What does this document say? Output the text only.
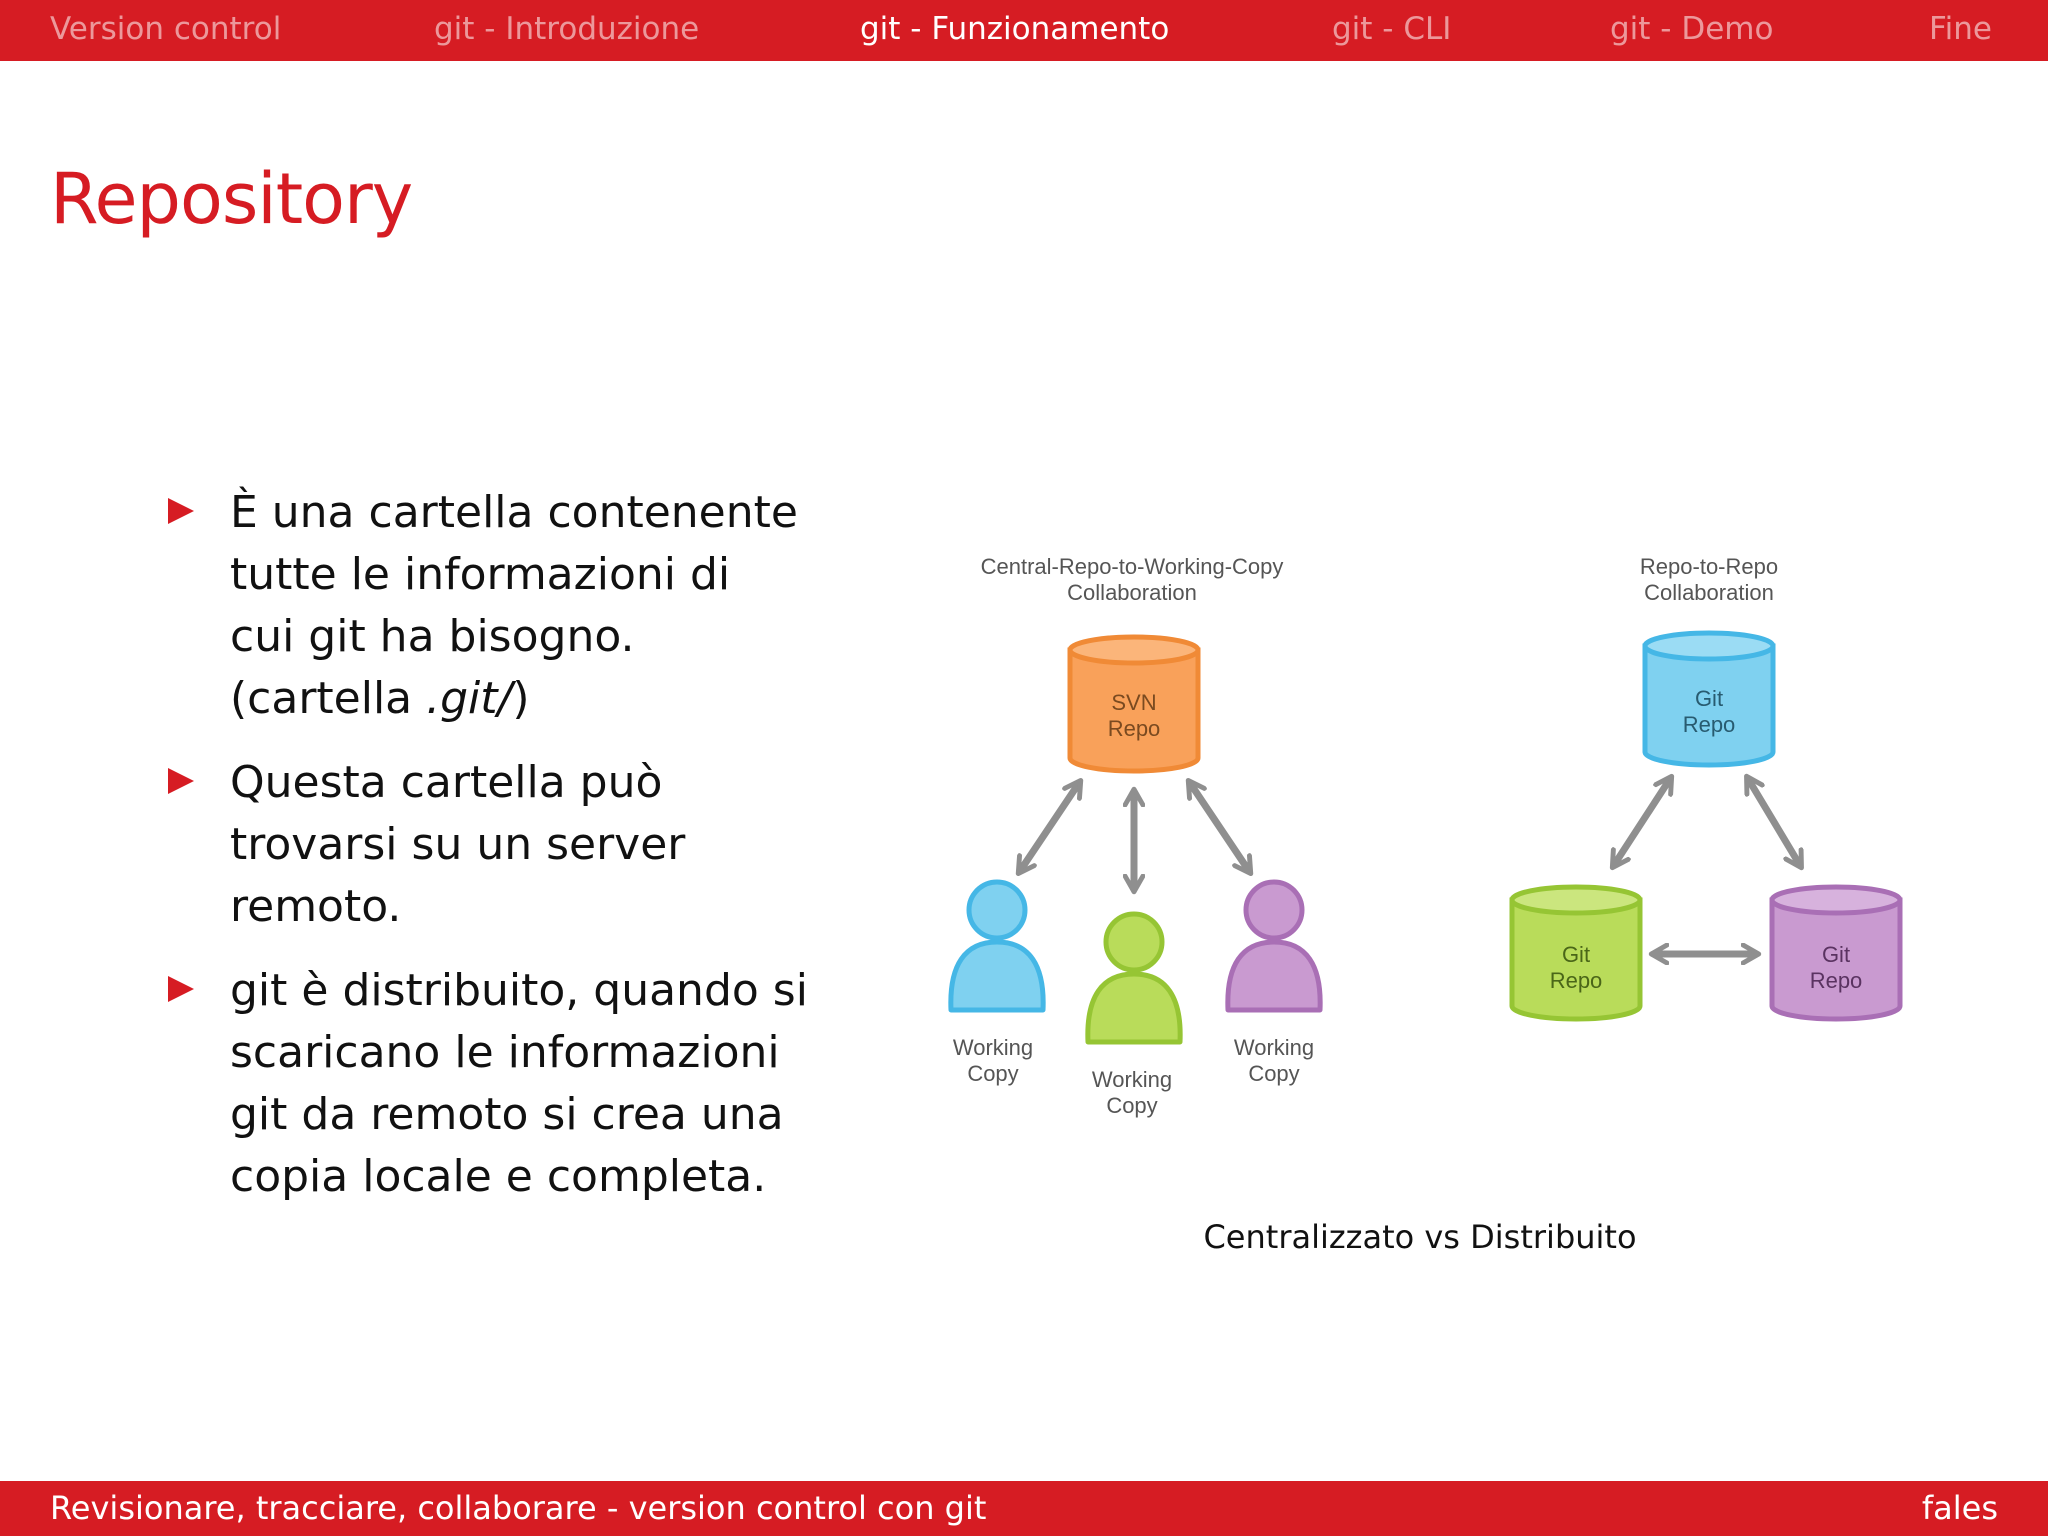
Version control	git - Introduzione	git - Funzionamento	git - CLI	git - Demo	Fine
Repository
È una cartella contenente
tutte le informazioni di
cui git ha bisogno.
(cartella .git/)
Questa cartella può
trovarsi su un server
remoto.
git è distribuito, quando si
scaricano le informazioni
git da remoto si crea una
copia locale e completa.
Central-Repo-to-Working-Copy
Collaboration
SVN
Repo
Working
Copy	Working
Copy
Working
Copy
Repo-to-Repo
Collaboration
Git
Repo
Git
Repo
Git
Repo
Centralizzato vs Distribuito
Revisionare, tracciare, collaborare - version control con git	fales
